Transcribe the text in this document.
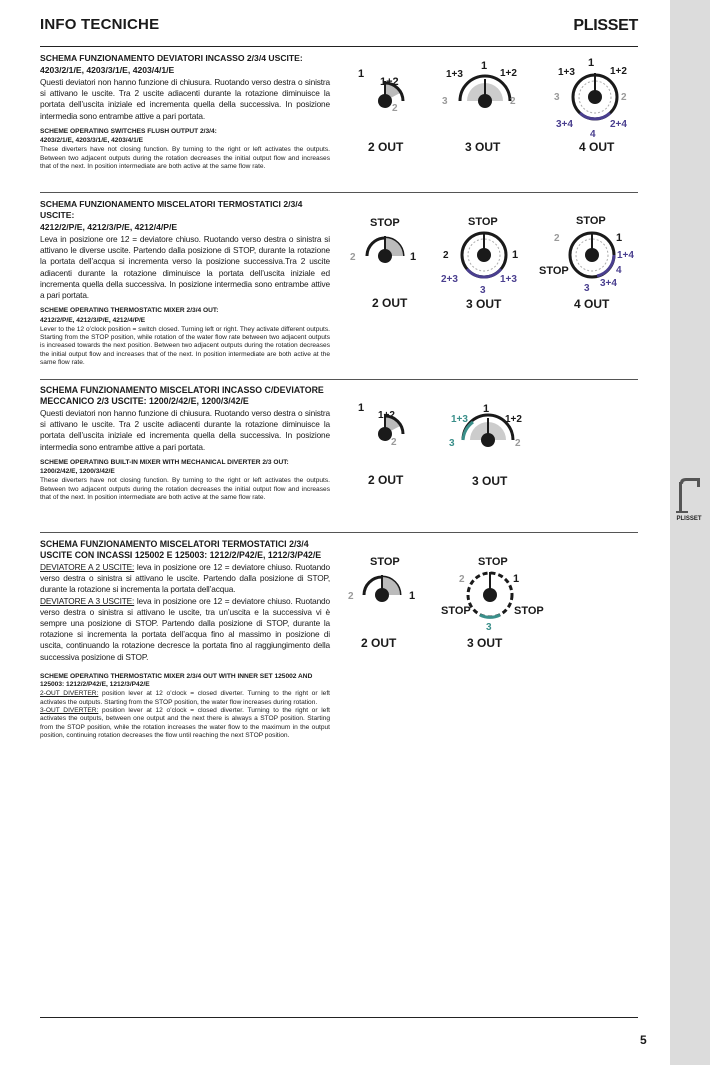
INFO TECNICHE	PLISSET
PLISSET

SCHEMA FUNZIONAMENTO DEVIATORI INCASSO 2/3/4 USCITE:

4203/2/1/E, 4203/3/1/E, 4203/4/1/E

Questi deviatori non hanno funzione di chiusura. Ruotando verso destra o sinistra si attivano le uscite. Tra 2 uscite adiacenti durante la rotazione diminuisce la portata dell’uscita iniziale ed incrementa quella della successiva. In posizione intermedia sono entrambe attive a pari portata.

SCHEME OPERATING SWITCHES FLUSH OUTPUT 2/3/4:

4203/2/1/E, 4203/3/1/E, 4203/4/1/E

These diverters have not closing function. By turning to the right or left activates the outputs. Between two adjacent outputs during the rotation decreases the initial output flow and increases that of the next. In position intermediate are both active at the same flow rate.

SCHEMA FUNZIONAMENTO MISCELATORI TERMOSTATICI 2/3/4 USCITE:

4212/2/P/E, 4212/3/P/E, 4212/4/P/E

Leva in posizione ore 12 = deviatore chiuso. Ruotando verso destra o sinistra si attivano le diverse uscite. Partendo dalla posizione di STOP, durante la rotazione la portata dell’acqua si incrementa verso la posizione successiva.Tra 2 uscite adiacenti durante la rotazione diminuisce la portata dell’uscita iniziale ed incrementa quella della successiva. In posizione intermedia sono entrambe attive a pari portata.

SCHEME OPERATING THERMOSTATIC MIXER 2/3/4 OUT:

4212/2/P/E, 4212/3/P/E, 4212/4/P/E

Lever to the 12 o’clock position = switch closed. Turning left or right. They activate different outputs. Starting from the STOP position, while rotation of the water flow rate between two adjacent outputs is increased towards the next position. Between two adjacent outputs during the rotation decreases the initial output flow and increases that of the next. In position intermediate are both active at the same flow rate.

SCHEMA FUNZIONAMENTO MISCELATORI INCASSO C/DEVIATORE MECCANICO 2/3 USCITE: 1200/2/42/E, 1200/3/42/E

Questi deviatori non hanno funzione di chiusura. Ruotando verso destra o sinistra si attivano le uscite. Tra 2 uscite adiacenti durante la rotazione diminuisce la portata dell’uscita iniziale ed incrementa quella della successiva. In posizione intermedia sono entrambe attive a pari portata.

SCHEME OPERATING BUILT-IN MIXER WITH MECHANICAL DIVERTER 2/3 OUT:

1200/2/42/E, 1200/3/42/E

These diverters have not closing function. By turning to the right or left activates the outputs. Between two adjacent outputs during the rotation decreases the initial output flow and increases that of the next. In position intermediate are both active at the same flow rate.

SCHEMA FUNZIONAMENTO MISCELATORI TERMOSTATICI 2/3/4 USCITE CON INCASSI 125002 E 125003: 1212/2/P42/E, 1212/3/P42/E

DEVIATORE A 2 USCITE: leva in posizione ore 12 = deviatore chiuso. Ruotando verso destra o sinistra si attivano le uscite. Partendo dalla posizione di STOP, durante la rotazione si incrementa la portata dell’acqua.

DEVIATORE A 3 USCITE: leva in posizione ore 12 = deviatore chiuso. Ruotando verso destra o sinistra si attivano le uscite, tra un’uscita e la successiva vi è sempre una posizione di STOP. Partendo dalla posizione di STOP, durante la rotazione si incrementa la portata dell’acqua fino al massimo in posizione di uscita, continuando la rotazione decresce la portata fino al raggiungimento della successiva posizione di STOP.

SCHEME OPERATING THERMOSTATIC MIXER 2/3/4 OUT WITH INNER SET 125002 AND 125003: 1212/2/P42/E, 1212/3/P42/E

2-OUT DIVERTER: position lever at 12 o’clock = closed diverter. Turning to the right or left activates the outputs. Starting from the STOP position, the water flow increases during rotation.

3-OUT DIVERTER: position lever at 12 o’clock = closed diverter. Turning to the right or left activates the outputs, between one output and the next there is always a STOP position. Starting from the STOP position, while the rotation increases the water flow to the maximum in the output position, continuing rotation decreases the flow until reaching the next STOP position.

1
1+2
2
2 OUT
1
1+3	1+2
3	2
3 OUT
1
1+3	1+2
3	2
3+4
4
2+4
4 OUT
STOP
2	1
2 OUT
STOP
2	1
2+3	1+3
3
3 OUT
STOP
2	1
1+4
4
3+4
3
STOP
4 OUT
1
1+2
2
2 OUT
1
1+3	1+2
3	2
3 OUT
STOP
2	1
2 OUT
STOP
2	1
STOP	STOP
3
3 OUT
5
